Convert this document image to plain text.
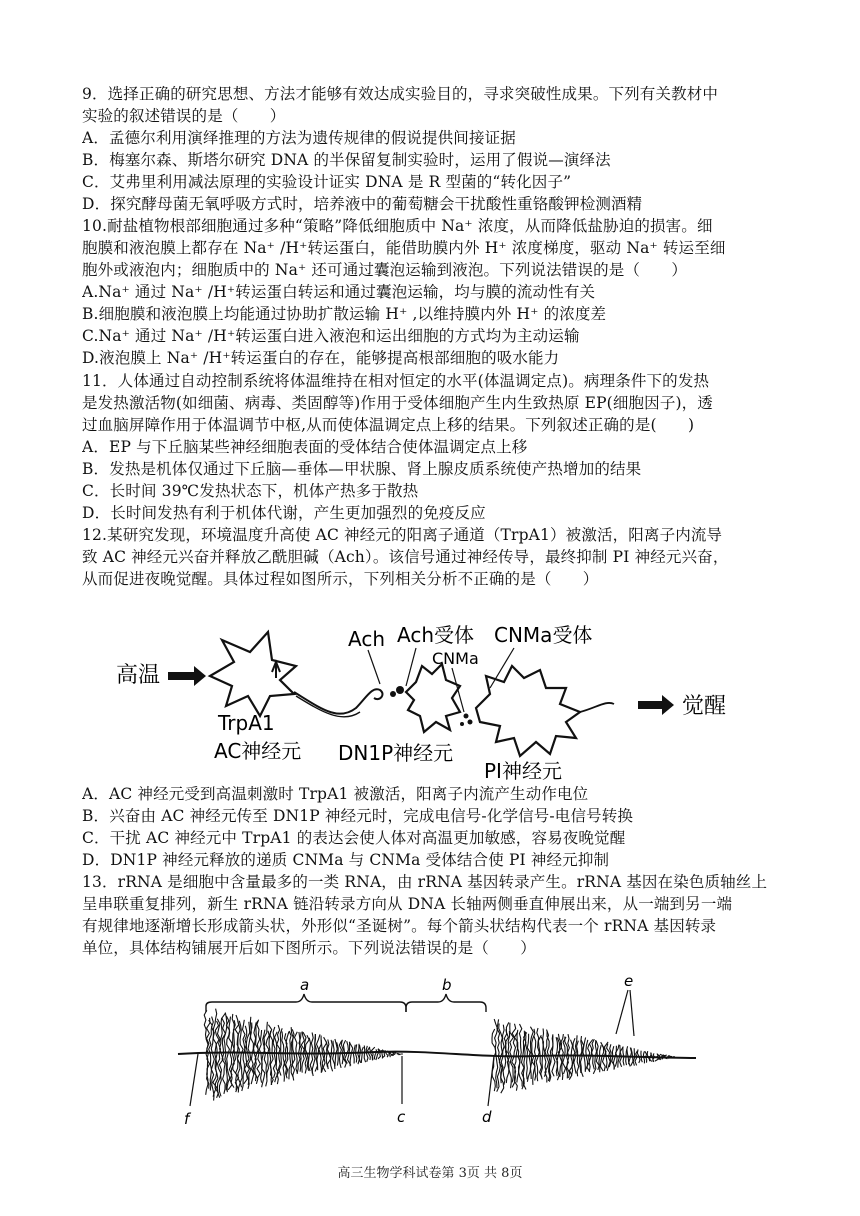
9．选择正确的研究思想、方法才能够有效达成实验目的，寻求突破性成果。下列有关教材中
实验的叙述错误的是（　　）
A．孟德尔利用演绎推理的方法为遗传规律的假说提供间接证据
B．梅塞尔森、斯塔尔研究 DNA 的半保留复制实验时，运用了假说—演绎法
C．艾弗里利用减法原理的实验设计证实 DNA 是 R 型菌的“转化因子”
D．探究酵母菌无氧呼吸方式时，培养液中的葡萄糖会干扰酸性重铬酸钾检测酒精
10.耐盐植物根部细胞通过多种“策略”降低细胞质中 Na⁺ 浓度，从而降低盐胁迫的损害。细
胞膜和液泡膜上都存在 Na⁺ /H⁺转运蛋白，能借助膜内外 H⁺ 浓度梯度，驱动 Na⁺ 转运至细
胞外或液泡内；细胞质中的 Na⁺ 还可通过囊泡运输到液泡。下列说法错误的是（　　）
A.Na⁺ 通过 Na⁺ /H⁺转运蛋白转运和通过囊泡运输，均与膜的流动性有关
B.细胞膜和液泡膜上均能通过协助扩散运输 H⁺ ,以维持膜内外 H⁺ 的浓度差
C.Na⁺ 通过 Na⁺ /H⁺转运蛋白进入液泡和运出细胞的方式均为主动运输
D.液泡膜上 Na⁺ /H⁺转运蛋白的存在，能够提高根部细胞的吸水能力
11．人体通过自动控制系统将体温维持在相对恒定的水平(体温调定点)。病理条件下的发热
是发热激活物(如细菌、病毒、类固醇等)作用于受体细胞产生内生致热原 EP(细胞因子)，透
过血脑屏障作用于体温调节中枢,从而使体温调定点上移的结果。下列叙述正确的是(　　)
A．EP 与下丘脑某些神经细胞表面的受体结合使体温调定点上移
B．发热是机体仅通过下丘脑—垂体—甲状腺、肾上腺皮质系统使产热增加的结果
C．长时间 39℃发热状态下，机体产热多于散热
D．长时间发热有利于机体代谢，产生更加强烈的免疫反应
12.某研究发现，环境温度升高使 AC 神经元的阳离子通道（TrpA1）被激活，阳离子内流导
致 AC 神经元兴奋并释放乙酰胆碱（Ach）。该信号通过神经传导，最终抑制 PI 神经元兴奋，
从而促进夜晚觉醒。具体过程如图所示，下列相关分析不正确的是（　　）
高温
觉醒
Ach Ach受体 CNMa受体
CNMa
TrpA1
AC神经元 DN1P神经元
PI神经元
A．AC 神经元受到高温刺激时 TrpA1 被激活，阳离子内流产生动作电位
B．兴奋由 AC 神经元传至 DN1P 神经元时，完成电信号-化学信号-电信号转换
C．干扰 AC 神经元中 TrpA1 的表达会使人体对高温更加敏感，容易夜晚觉醒
D．DN1P 神经元释放的递质 CNMa 与 CNMa 受体结合使 PI 神经元抑制
13．rRNA 是细胞中含量最多的一类 RNA，由 rRNA 基因转录产生。rRNA 基因在染色质轴丝上
呈串联重复排列，新生 rRNA 链沿转录方向从 DNA 长轴两侧垂直伸展出来，从一端到另一端
有规律地逐渐增长形成箭头状，外形似“圣诞树”。每个箭头状结构代表一个 rRNA 基因转录
单位，具体结构铺展开后如下图所示。下列说法错误的是（　　）
a	b
f	c	d
e
高三生物学科试卷第 3页 共 8页
